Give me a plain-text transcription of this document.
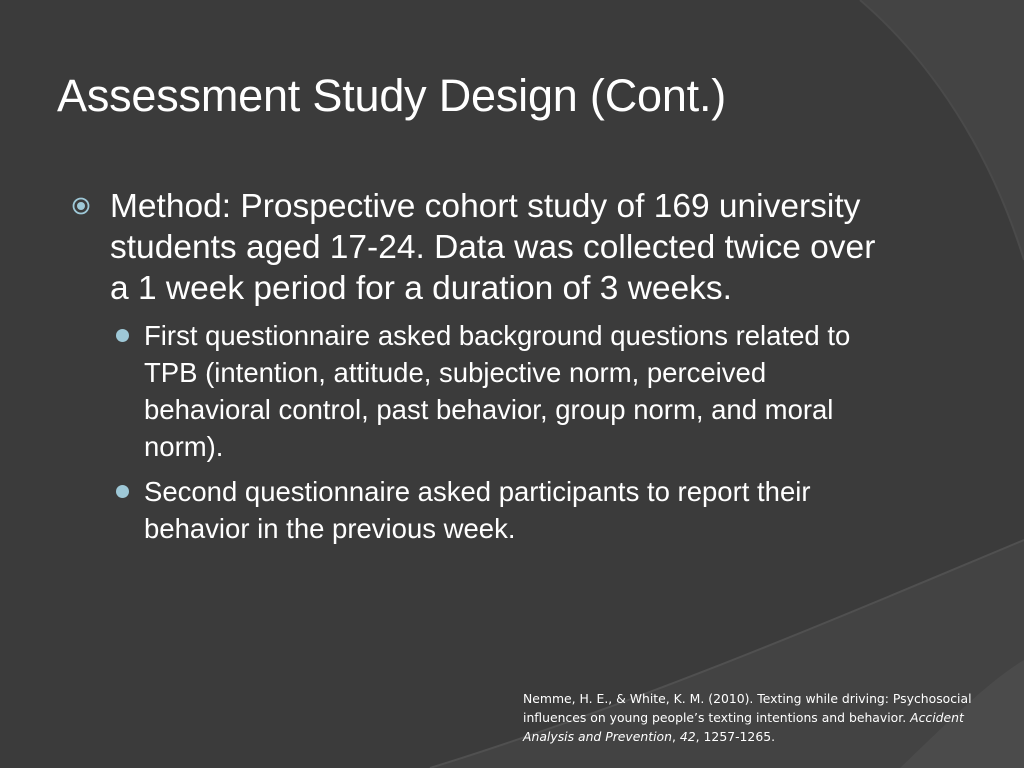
Assessment Study Design (Cont.)
Method: Prospective cohort study of 169 university students aged 17-24. Data was collected twice over a 1 week period for a duration of 3 weeks.
First questionnaire asked background questions related to TPB (intention, attitude, subjective norm, perceived behavioral control, past behavior, group norm, and moral norm).
Second questionnaire asked participants to report their behavior in the previous week.
Nemme, H. E., & White, K. M. (2010). Texting while driving: Psychosocial influences on young people’s texting intentions and behavior. Accident Analysis and Prevention, 42, 1257-1265.
